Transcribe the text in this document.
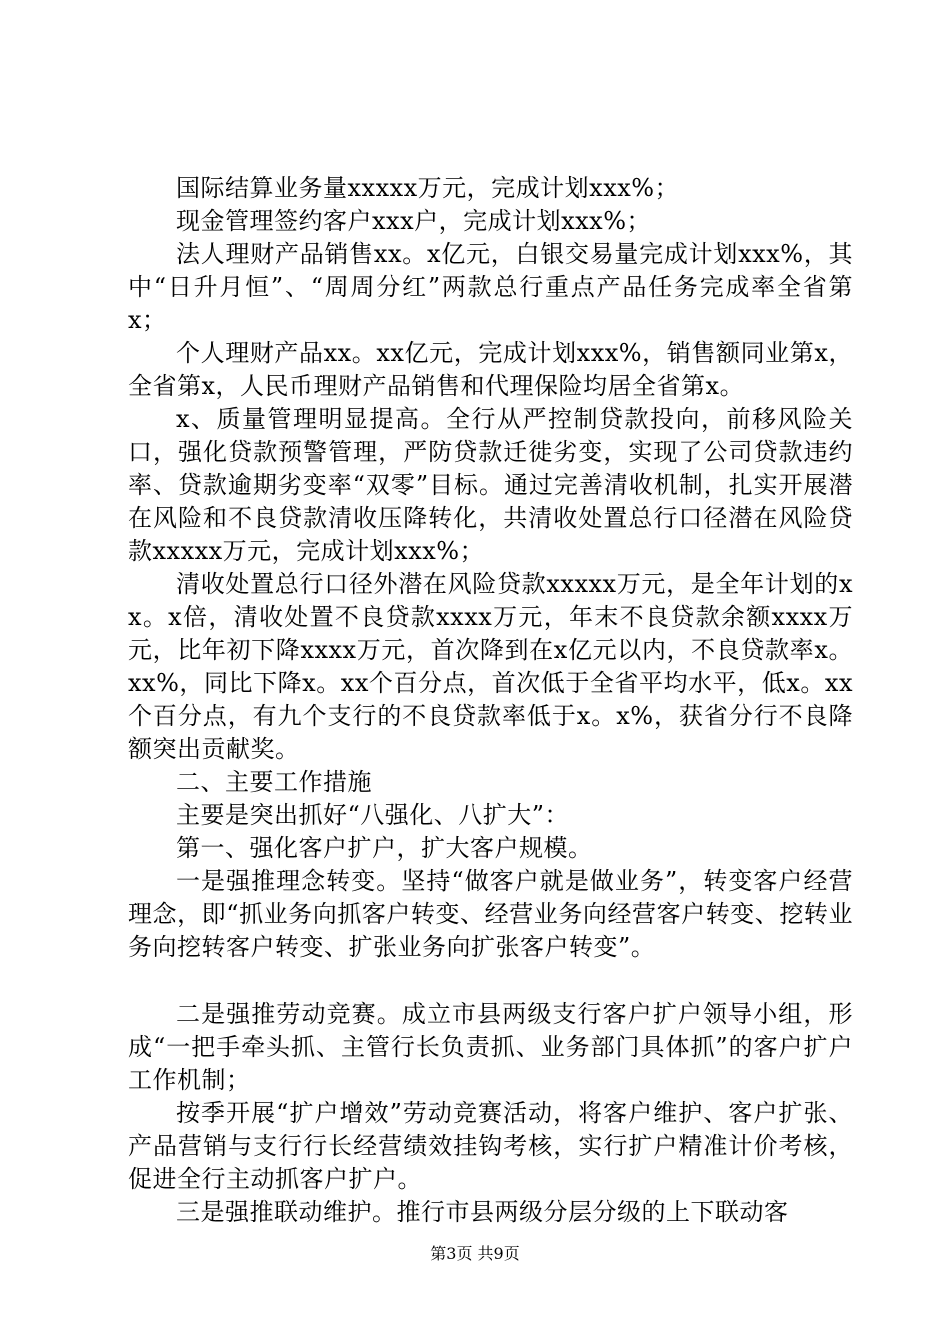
国际结算业务量xxxxx万元，完成计划xxx%；

现金管理签约客户xxx户，完成计划xxx%；

法人理财产品销售xx。x亿元，白银交易量完成计划xxx%，其中“日升月恒”、“周周分红”两款总行重点产品任务完成率全省第x；

个人理财产品xx。xx亿元，完成计划xxx%，销售额同业第x，全省第x，人民币理财产品销售和代理保险均居全省第x。

x、质量管理明显提高。全行从严控制贷款投向，前移风险关口，强化贷款预警管理，严防贷款迁徙劣变，实现了公司贷款违约率、贷款逾期劣变率“双零”目标。通过完善清收机制，扎实开展潜在风险和不良贷款清收压降转化，共清收处置总行口径潜在风险贷款xxxxx万元，完成计划xxx%；

清收处置总行口径外潜在风险贷款xxxxx万元，是全年计划的xx。x倍，清收处置不良贷款xxxx万元，年末不良贷款余额xxxx万元，比年初下降xxxx万元，首次降到在x亿元以内，不良贷款率x。xx%，同比下降x。xx个百分点，首次低于全省平均水平，低x。xx个百分点，有九个支行的不良贷款率低于x。x%，获省分行不良降额突出贡献奖。

二、主要工作措施

主要是突出抓好“八强化、八扩大”：

第一、强化客户扩户，扩大客户规模。

一是强推理念转变。坚持“做客户就是做业务”，转变客户经营理念，即“抓业务向抓客户转变、经营业务向经营客户转变、挖转业务向挖转客户转变、扩张业务向扩张客户转变”。

二是强推劳动竞赛。成立市县两级支行客户扩户领导小组，形成“一把手牵头抓、主管行长负责抓、业务部门具体抓”的客户扩户工作机制；

按季开展“扩户增效”劳动竞赛活动，将客户维护、客户扩张、产品营销与支行行长经营绩效挂钩考核，实行扩户精准计价考核，促进全行主动抓客户扩户。

三是强推联动维护。推行市县两级分层分级的上下联动客

第3页 共9页
